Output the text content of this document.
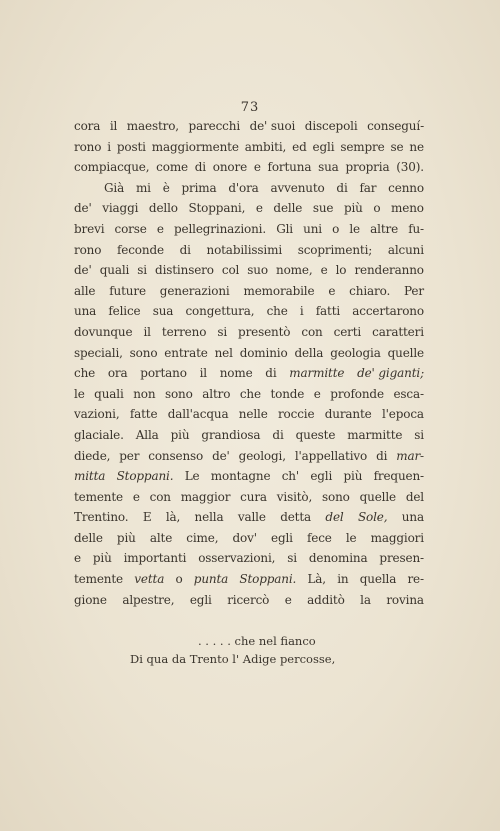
73
cora il maestro, parecchi de' suoi discepoli conseguí-
rono i posti maggiormente ambiti, ed egli sempre se ne
compiacque, come di onore e fortuna sua propria (30).
Già mi è prima d'ora avvenuto di far cenno
de' viaggi dello Stoppani, e delle sue più o meno
brevi corse e pellegrinazioni. Gli uni o le altre fu-
rono feconde di notabilissimi scoprimenti; alcuni
de' quali si distinsero col suo nome, e lo renderanno
alle future generazioni memorabile e chiaro. Per
una felice sua congettura, che i fatti accertarono
dovunque il terreno si presentò con certi caratteri
speciali, sono entrate nel dominio della geologia quelle
che ora portano il nome di marmitte de' giganti;
le quali non sono altro che tonde e profonde esca-
vazioni, fatte dall'acqua nelle roccie durante l'epoca
glaciale. Alla più grandiosa di queste marmitte si
diede, per consenso de' geologi, l'appellativo di mar-
mitta Stoppani. Le montagne ch' egli più frequen-
temente e con maggior cura visitò, sono quelle del
Trentino. E là, nella valle detta del Sole, una
delle più alte cime, dov' egli fece le maggiori
e più importanti osservazioni, si denomina presen-
temente vetta o punta Stoppani. Là, in quella re-
gione alpestre, egli ricercò e additò la rovina
. . . . . che nel fianco
Di qua da Trento l' Adige percosse,
